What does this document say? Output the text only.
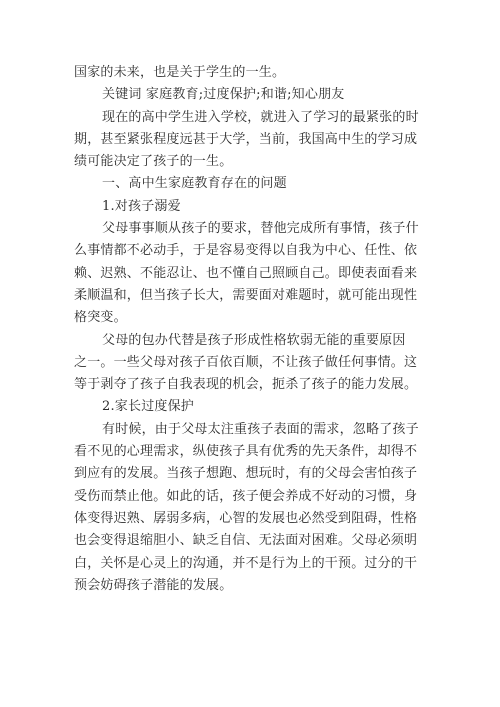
国家的未来，也是关于学生的一生。
关键词 家庭教育;过度保护;和谐;知心朋友
现在的高中学生进入学校，就进入了学习的最紧张的时
期，甚至紧张程度远甚于大学，当前，我国高中生的学习成
绩可能决定了孩子的一生。
一、高中生家庭教育存在的问题
1.对孩子溺爱
父母事事顺从孩子的要求，替他完成所有事情，孩子什
么事情都不必动手，于是容易变得以自我为中心、任性、依
赖、迟熟、不能忍让、也不懂自己照顾自己。即使表面看来
柔顺温和，但当孩子长大，需要面对难题时，就可能出现性
格突变。
父母的包办代替是孩子形成性格软弱无能的重要原因
之一。一些父母对孩子百依百顺，不让孩子做任何事情。这
等于剥夺了孩子自我表现的机会，扼杀了孩子的能力发展。
2.家长过度保护
有时候，由于父母太注重孩子表面的需求，忽略了孩子
看不见的心理需求，纵使孩子具有优秀的先天条件，却得不
到应有的发展。当孩子想跑、想玩时，有的父母会害怕孩子
受伤而禁止他。如此的话，孩子便会养成不好动的习惯，身
体变得迟熟、孱弱多病，心智的发展也必然受到阻碍，性格
也会变得退缩胆小、缺乏自信、无法面对困难。父母必须明
白，关怀是心灵上的沟通，并不是行为上的干预。过分的干
预会妨碍孩子潜能的发展。
